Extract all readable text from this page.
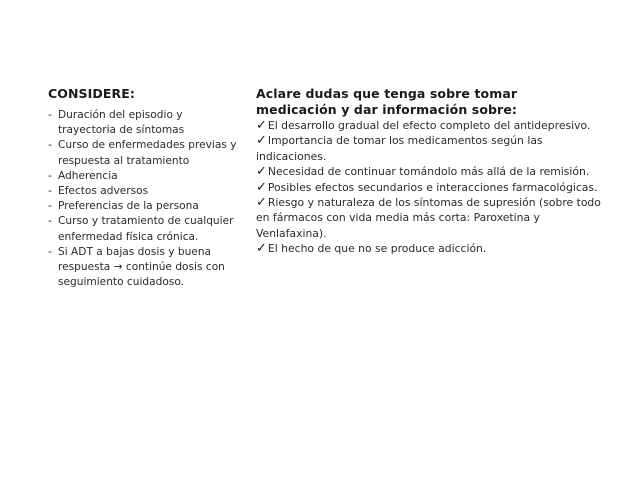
CONSIDERE:
- Duración del episodio y trayectoria de síntomas
- Curso de enfermedades previas y respuesta al tratamiento
- Adherencia
- Efectos adversos
- Preferencias de la persona
- Curso y tratamiento de cualquier enfermedad física crónica.
- Si ADT a bajas dosis y buena respuesta → continúe dosis con seguimiento cuidadoso.
Aclare dudas que tenga sobre tomar medicación y dar información sobre:
✓El desarrollo gradual del efecto completo del antidepresivo.
✓Importancia de tomar los medicamentos según las indicaciones.
✓Necesidad de continuar tomándolo más allá de la remisión.
✓Posibles efectos secundarios e interacciones farmacológicas.
✓Riesgo y naturaleza de los síntomas de supresión (sobre todo en fármacos con vida media más corta: Paroxetina y Venlafaxina).
✓El hecho de que no se produce adicción.
